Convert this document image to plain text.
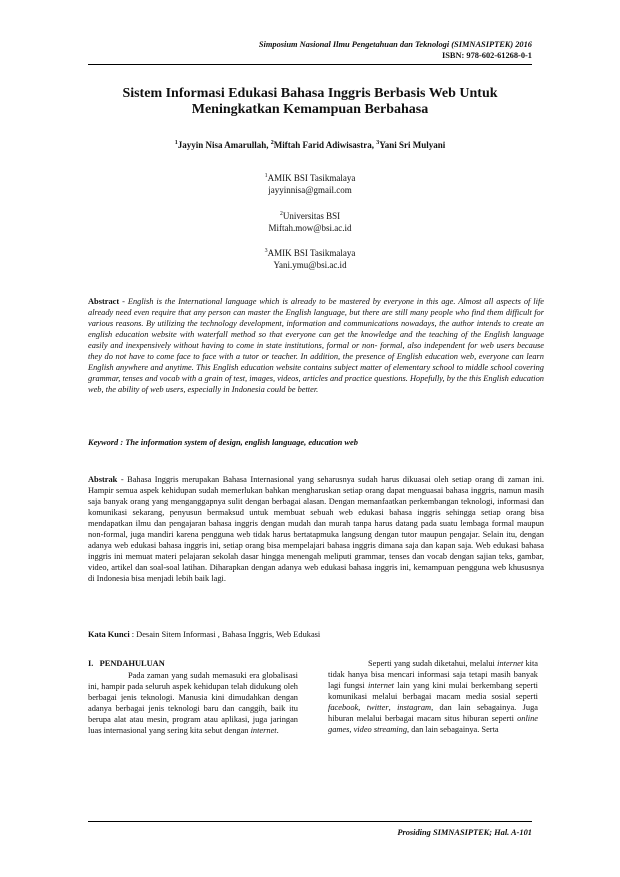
Simposium Nasional Ilmu Pengetahuan dan Teknologi (SIMNASIPTEK) 2016
ISBN: 978-602-61268-0-1
Sistem Informasi Edukasi Bahasa Inggris Berbasis Web Untuk
Meningkatkan Kemampuan Berbahasa
$^1$Jayyin Nisa Amarullah, $^2$Miftah Farid Adiwisastra, $^3$Yani Sri Mulyani
$^1$AMIK BSI Tasikmalaya
jayyinnisa@gmail.com
$^2$Universitas BSI
Miftah.mow@bsi.ac.id
$^3$AMIK BSI Tasikmalaya
Yani.ymu@bsi.ac.id
Abstract - English is the International language which is already to be mastered by everyone in this age. Almost all aspects of life already need even require that any person can master the English language, but there are still many people who find them difficult for various reasons. By utilizing the technology development, information and communications nowadays, the author intends to create an english education website with waterfall method so that everyone can get the knowledge and the teaching of the English language easily and inexpensively without having to come in state institutions, formal or non- formal, also independent for web users because they do not have to come face to face with a tutor or teacher. In addition, the presence of English education web, everyone can learn English anywhere and anytime. This English education website contains subject matter of elementary school to middle school covering grammar, tenses and vocab with a grain of test, images, videos, articles and practice questions. Hopefully, by the this English education web, the ability of web users, especially in Indonesia could be better.
Keyword : The information system of design, english language, education web
Abstrak - Bahasa Inggris merupakan Bahasa Internasional yang seharusnya sudah harus dikuasai oleh setiap orang di zaman ini. Hampir semua aspek kehidupan sudah memerlukan bahkan mengharuskan setiap orang dapat menguasai bahasa inggris, namun masih saja banyak orang yang menganggapnya sulit dengan berbagai alasan. Dengan memanfaatkan perkembangan teknologi, informasi dan komunikasi sekarang, penyusun bermaksud untuk membuat sebuah web edukasi bahasa inggris sehingga setiap orang bisa mendapatkan ilmu dan pengajaran bahasa inggris dengan mudah dan murah tanpa harus datang pada suatu lembaga formal maupun non-formal, juga mandiri karena pengguna web tidak harus bertatapmuka langsung dengan tutor maupun pengajar. Selain itu, dengan adanya web edukasi bahasa inggris ini, setiap orang bisa mempelajari bahasa inggris dimana saja dan kapan saja. Web edukasi bahasa inggris ini memuat materi pelajaran sekolah dasar hingga menengah meliputi grammar, tenses dan vocab dengan sajian teks, gambar, video, artikel dan soal-soal latihan. Diharapkan dengan adanya web edukasi bahasa inggris ini, kemampuan pengguna web khususnya di Indonesia bisa menjadi lebih baik lagi.
Kata Kunci : Desain Sitem Informasi , Bahasa Inggris, Web Edukasi
I.   PENDAHULUAN
Pada zaman yang sudah memasuki era globalisasi ini, hampir pada seluruh aspek kehidupan telah didukung oleh berbagai jenis teknologi. Manusia kini dimudahkan dengan adanya berbagai jenis teknologi baru dan canggih, baik itu berupa alat atau mesin, program atau aplikasi, juga jaringan luas internasional yang sering kita sebut dengan internet.
Seperti yang sudah diketahui, melalui internet kita tidak hanya bisa mencari informasi saja tetapi masih banyak lagi fungsi internet lain yang kini mulai berkembang seperti komunikasi melalui berbagai macam media sosial seperti facebook, twitter, instagram, dan lain sebagainya. Juga hiburan melalui berbagai macam situs hiburan seperti online games, video streaming, dan lain sebagainya. Serta
Prosiding SIMNASIPTEK; Hal. A-101
